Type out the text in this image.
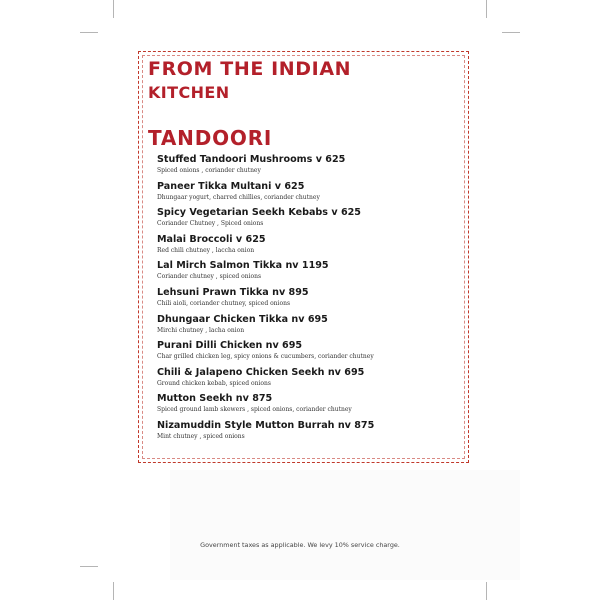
FROM THE INDIAN
KITCHEN
TANDOORI
Stuffed Tandoori Mushrooms v 625
Spiced onions , coriander chutney
Paneer Tikka Multani v 625
Dhungaar yogurt, charred chillies, coriander chutney
Spicy Vegetarian Seekh Kebabs v 625
Coriander Chutney , Spiced onions
Malai Broccoli v 625
Red chili chutney , laccha onion
Lal Mirch Salmon Tikka nv 1195
Coriander chutney , spiced onions
Lehsuni Prawn Tikka nv 895
Chili aioli, coriander chutney, spiced onions
Dhungaar Chicken Tikka nv 695
Mirchi chutney , lacha onion
Purani Dilli Chicken nv 695
Char grilled chicken leg, spicy onions & cucumbers, coriander chutney
Chili & Jalapeno Chicken Seekh nv 695
Ground chicken kebab, spiced onions
Mutton Seekh nv 875
Spiced ground lamb skewers , spiced onions, coriander chutney
Nizamuddin Style Mutton Burrah nv 875
Mint chutney , spiced onions
Government taxes as applicable. We levy 10% service charge.
